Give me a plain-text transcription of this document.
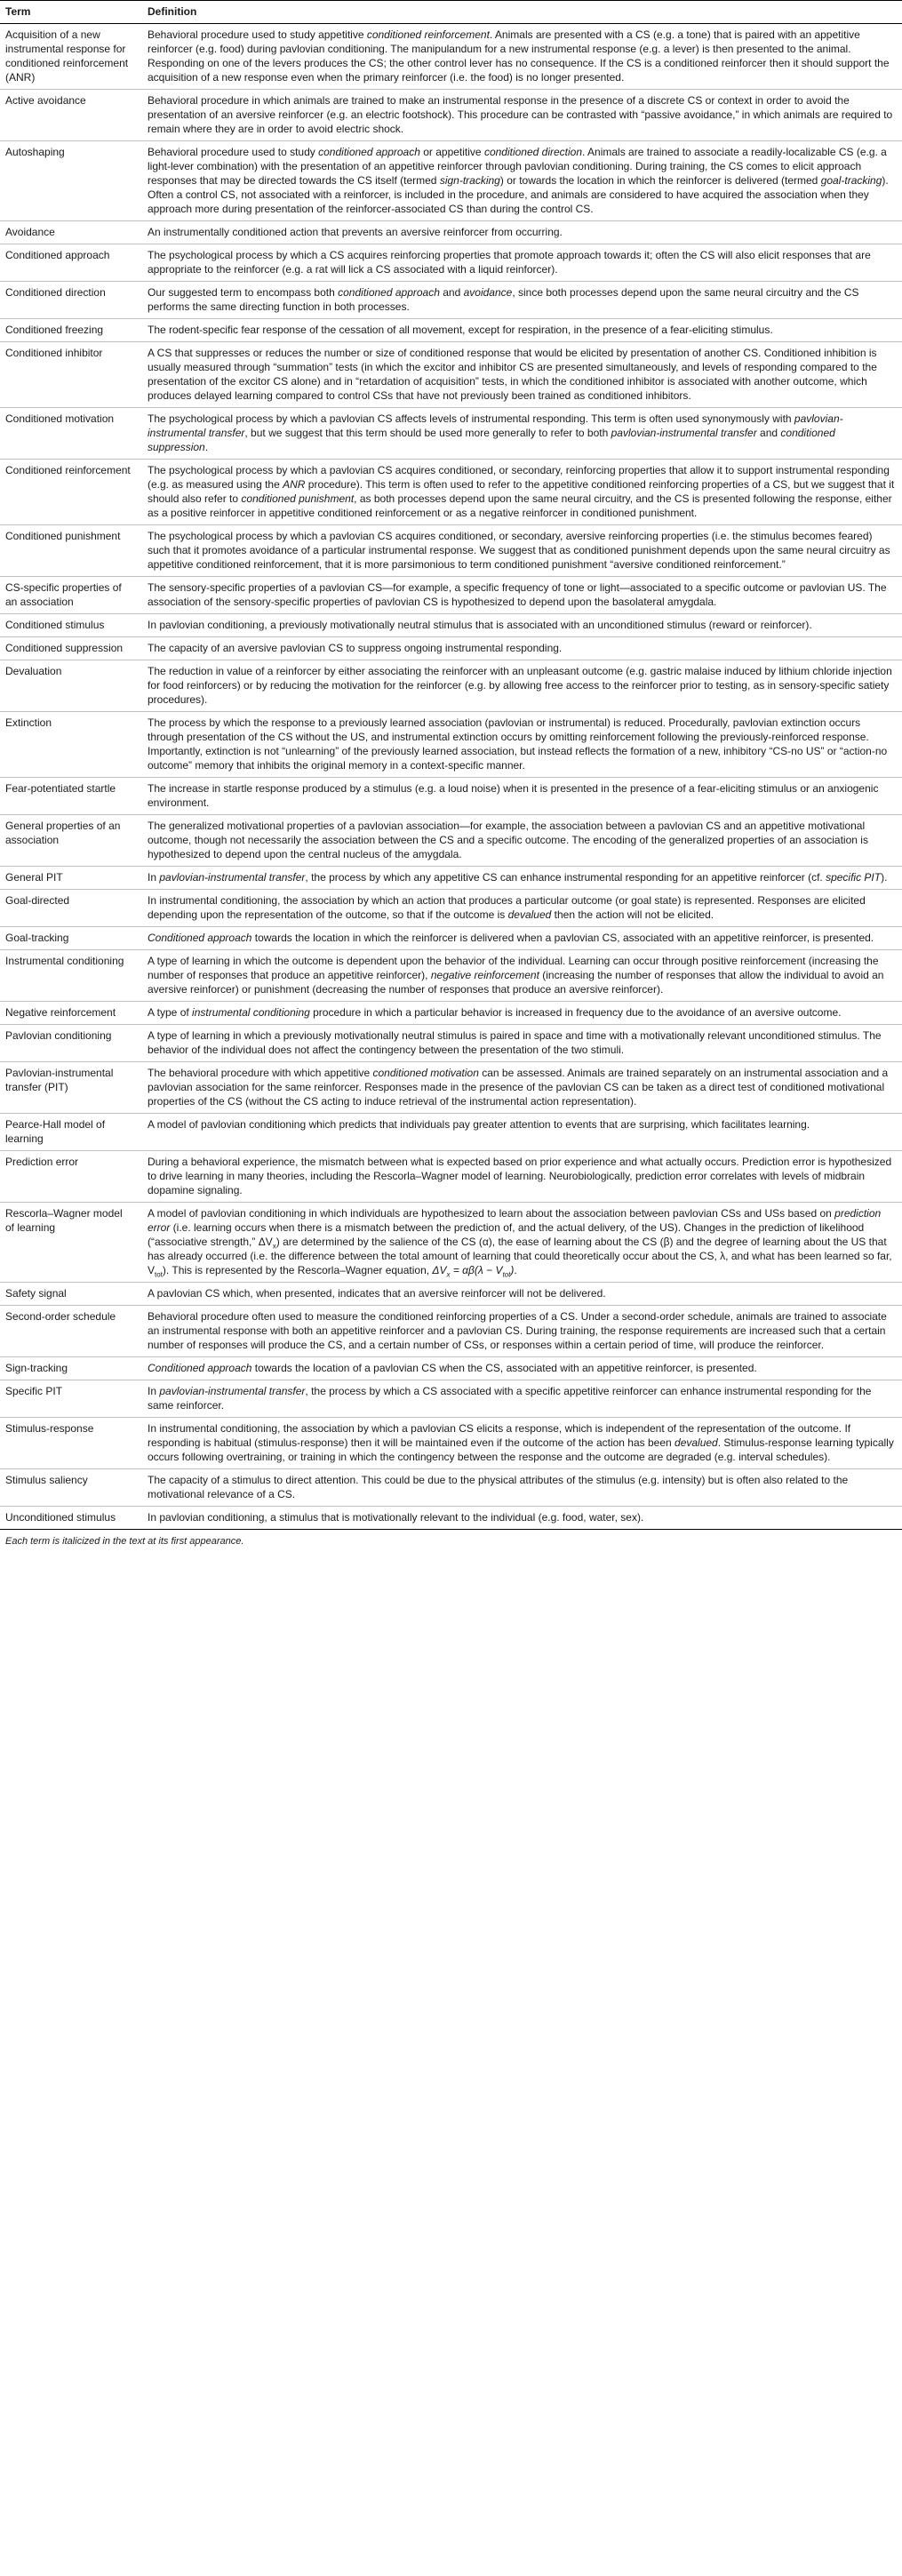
Term	Definition
Acquisition of a new instrumental response for conditioned reinforcement (ANR)	Behavioral procedure used to study appetitive conditioned reinforcement. Animals are presented with a CS (e.g. a tone) that is paired with an appetitive reinforcer (e.g. food) during pavlovian conditioning. The manipulandum for a new instrumental response (e.g. a lever) is then presented to the animal. Responding on one of the levers produces the CS; the other control lever has no consequence. If the CS is a conditioned reinforcer then it should support the acquisition of a new response even when the primary reinforcer (i.e. the food) is no longer presented.
Active avoidance	Behavioral procedure in which animals are trained to make an instrumental response in the presence of a discrete CS or context in order to avoid the presentation of an aversive reinforcer (e.g. an electric footshock). This procedure can be contrasted with “passive avoidance,” in which animals are required to remain where they are in order to avoid electric shock.
Autoshaping	Behavioral procedure used to study conditioned approach or appetitive conditioned direction. Animals are trained to associate a readily-localizable CS (e.g. a light-lever combination) with the presentation of an appetitive reinforcer through pavlovian conditioning. During training, the CS comes to elicit approach responses that may be directed towards the CS itself (termed sign-tracking) or towards the location in which the reinforcer is delivered (termed goal-tracking). Often a control CS, not associated with a reinforcer, is included in the procedure, and animals are considered to have acquired the association when they approach more during presentation of the reinforcer-associated CS than during the control CS.
Avoidance	An instrumentally conditioned action that prevents an aversive reinforcer from occurring.
Conditioned approach	The psychological process by which a CS acquires reinforcing properties that promote approach towards it; often the CS will also elicit responses that are appropriate to the reinforcer (e.g. a rat will lick a CS associated with a liquid reinforcer).
Conditioned direction	Our suggested term to encompass both conditioned approach and avoidance, since both processes depend upon the same neural circuitry and the CS performs the same directing function in both processes.
Conditioned freezing	The rodent-specific fear response of the cessation of all movement, except for respiration, in the presence of a fear-eliciting stimulus.
Conditioned inhibitor	A CS that suppresses or reduces the number or size of conditioned response that would be elicited by presentation of another CS. Conditioned inhibition is usually measured through “summation” tests (in which the excitor and inhibitor CS are presented simultaneously, and levels of responding compared to the presentation of the excitor CS alone) and in “retardation of acquisition” tests, in which the conditioned inhibitor is associated with another outcome, which produces delayed learning compared to control CSs that have not previously been trained as conditioned inhibitors.
Conditioned motivation	The psychological process by which a pavlovian CS affects levels of instrumental responding. This term is often used synonymously with pavlovian-instrumental transfer, but we suggest that this term should be used more generally to refer to both pavlovian-instrumental transfer and conditioned suppression.
Conditioned reinforcement	The psychological process by which a pavlovian CS acquires conditioned, or secondary, reinforcing properties that allow it to support instrumental responding (e.g. as measured using the ANR procedure). This term is often used to refer to the appetitive conditioned reinforcing properties of a CS, but we suggest that it should also refer to conditioned punishment, as both processes depend upon the same neural circuitry, and the CS is presented following the response, either as a positive reinforcer in appetitive conditioned reinforcement or as a negative reinforcer in conditioned punishment.
Conditioned punishment	The psychological process by which a pavlovian CS acquires conditioned, or secondary, aversive reinforcing properties (i.e. the stimulus becomes feared) such that it promotes avoidance of a particular instrumental response. We suggest that as conditioned punishment depends upon the same neural circuitry as appetitive conditioned reinforcement, that it is more parsimonious to term conditioned punishment “aversive conditioned reinforcement.”
CS-specific properties of an association	The sensory-specific properties of a pavlovian CS—for example, a specific frequency of tone or light—associated to a specific outcome or pavlovian US. The association of the sensory-specific properties of pavlovian CS is hypothesized to depend upon the basolateral amygdala.
Conditioned stimulus	In pavlovian conditioning, a previously motivationally neutral stimulus that is associated with an unconditioned stimulus (reward or reinforcer).
Conditioned suppression	The capacity of an aversive pavlovian CS to suppress ongoing instrumental responding.
Devaluation	The reduction in value of a reinforcer by either associating the reinforcer with an unpleasant outcome (e.g. gastric malaise induced by lithium chloride injection for food reinforcers) or by reducing the motivation for the reinforcer (e.g. by allowing free access to the reinforcer prior to testing, as in sensory-specific satiety procedures).
Extinction	The process by which the response to a previously learned association (pavlovian or instrumental) is reduced. Procedurally, pavlovian extinction occurs through presentation of the CS without the US, and instrumental extinction occurs by omitting reinforcement following the previously-reinforced response. Importantly, extinction is not “unlearning” of the previously learned association, but instead reflects the formation of a new, inhibitory “CS-no US” or “action-no outcome” memory that inhibits the original memory in a context-specific manner.
Fear-potentiated startle	The increase in startle response produced by a stimulus (e.g. a loud noise) when it is presented in the presence of a fear-eliciting stimulus or an anxiogenic environment.
General properties of an association	The generalized motivational properties of a pavlovian association—for example, the association between a pavlovian CS and an appetitive motivational outcome, though not necessarily the association between the CS and a specific outcome. The encoding of the generalized properties of an association is hypothesized to depend upon the central nucleus of the amygdala.
General PIT	In pavlovian-instrumental transfer, the process by which any appetitive CS can enhance instrumental responding for an appetitive reinforcer (cf. specific PIT).
Goal-directed	In instrumental conditioning, the association by which an action that produces a particular outcome (or goal state) is represented. Responses are elicited depending upon the representation of the outcome, so that if the outcome is devalued then the action will not be elicited.
Goal-tracking	Conditioned approach towards the location in which the reinforcer is delivered when a pavlovian CS, associated with an appetitive reinforcer, is presented.
Instrumental conditioning	A type of learning in which the outcome is dependent upon the behavior of the individual. Learning can occur through positive reinforcement (increasing the number of responses that produce an appetitive reinforcer), negative reinforcement (increasing the number of responses that allow the individual to avoid an aversive reinforcer) or punishment (decreasing the number of responses that produce an aversive reinforcer).
Negative reinforcement	A type of instrumental conditioning procedure in which a particular behavior is increased in frequency due to the avoidance of an aversive outcome.
Pavlovian conditioning	A type of learning in which a previously motivationally neutral stimulus is paired in space and time with a motivationally relevant unconditioned stimulus. The behavior of the individual does not affect the contingency between the presentation of the two stimuli.
Pavlovian-instrumental transfer (PIT)	The behavioral procedure with which appetitive conditioned motivation can be assessed. Animals are trained separately on an instrumental association and a pavlovian association for the same reinforcer. Responses made in the presence of the pavlovian CS can be taken as a direct test of conditioned motivational properties of the CS (without the CS acting to induce retrieval of the instrumental action representation).
Pearce-Hall model of learning	A model of pavlovian conditioning which predicts that individuals pay greater attention to events that are surprising, which facilitates learning.
Prediction error	During a behavioral experience, the mismatch between what is expected based on prior experience and what actually occurs. Prediction error is hypothesized to drive learning in many theories, including the Rescorla–Wagner model of learning. Neurobiologically, prediction error correlates with levels of midbrain dopamine signaling.
Rescorla–Wagner model of learning	A model of pavlovian conditioning in which individuals are hypothesized to learn about the association between pavlovian CSs and USs based on prediction error (i.e. learning occurs when there is a mismatch between the prediction of, and the actual delivery, of the US). Changes in the prediction of likelihood (“associative strength,” $\Delta V_x$) are determined by the salience of the CS (α), the ease of learning about the CS (β) and the degree of learning about the US that has already occurred (i.e. the difference between the total amount of learning that could theoretically occur about the CS, λ, and what has been learned so far, $V_{tot}$). This is represented by the Rescorla–Wagner equation, $\Delta V_x = \alpha\beta(\lambda - V_{tot})$.
Safety signal	A pavlovian CS which, when presented, indicates that an aversive reinforcer will not be delivered.
Second-order schedule	Behavioral procedure often used to measure the conditioned reinforcing properties of a CS. Under a second-order schedule, animals are trained to associate an instrumental response with both an appetitive reinforcer and a pavlovian CS. During training, the response requirements are increased such that a certain number of responses will produce the CS, and a certain number of CSs, or responses within a certain period of time, will produce the reinforcer.
Sign-tracking	Conditioned approach towards the location of a pavlovian CS when the CS, associated with an appetitive reinforcer, is presented.
Specific PIT	In pavlovian-instrumental transfer, the process by which a CS associated with a specific appetitive reinforcer can enhance instrumental responding for the same reinforcer.
Stimulus-response	In instrumental conditioning, the association by which a pavlovian CS elicits a response, which is independent of the representation of the outcome. If responding is habitual (stimulus-response) then it will be maintained even if the outcome of the action has been devalued. Stimulus-response learning typically occurs following overtraining, or training in which the contingency between the response and the outcome are degraded (e.g. interval schedules).
Stimulus saliency	The capacity of a stimulus to direct attention. This could be due to the physical attributes of the stimulus (e.g. intensity) but is often also related to the motivational relevance of a CS.
Unconditioned stimulus	In pavlovian conditioning, a stimulus that is motivationally relevant to the individual (e.g. food, water, sex).
Each term is italicized in the text at its first appearance.
